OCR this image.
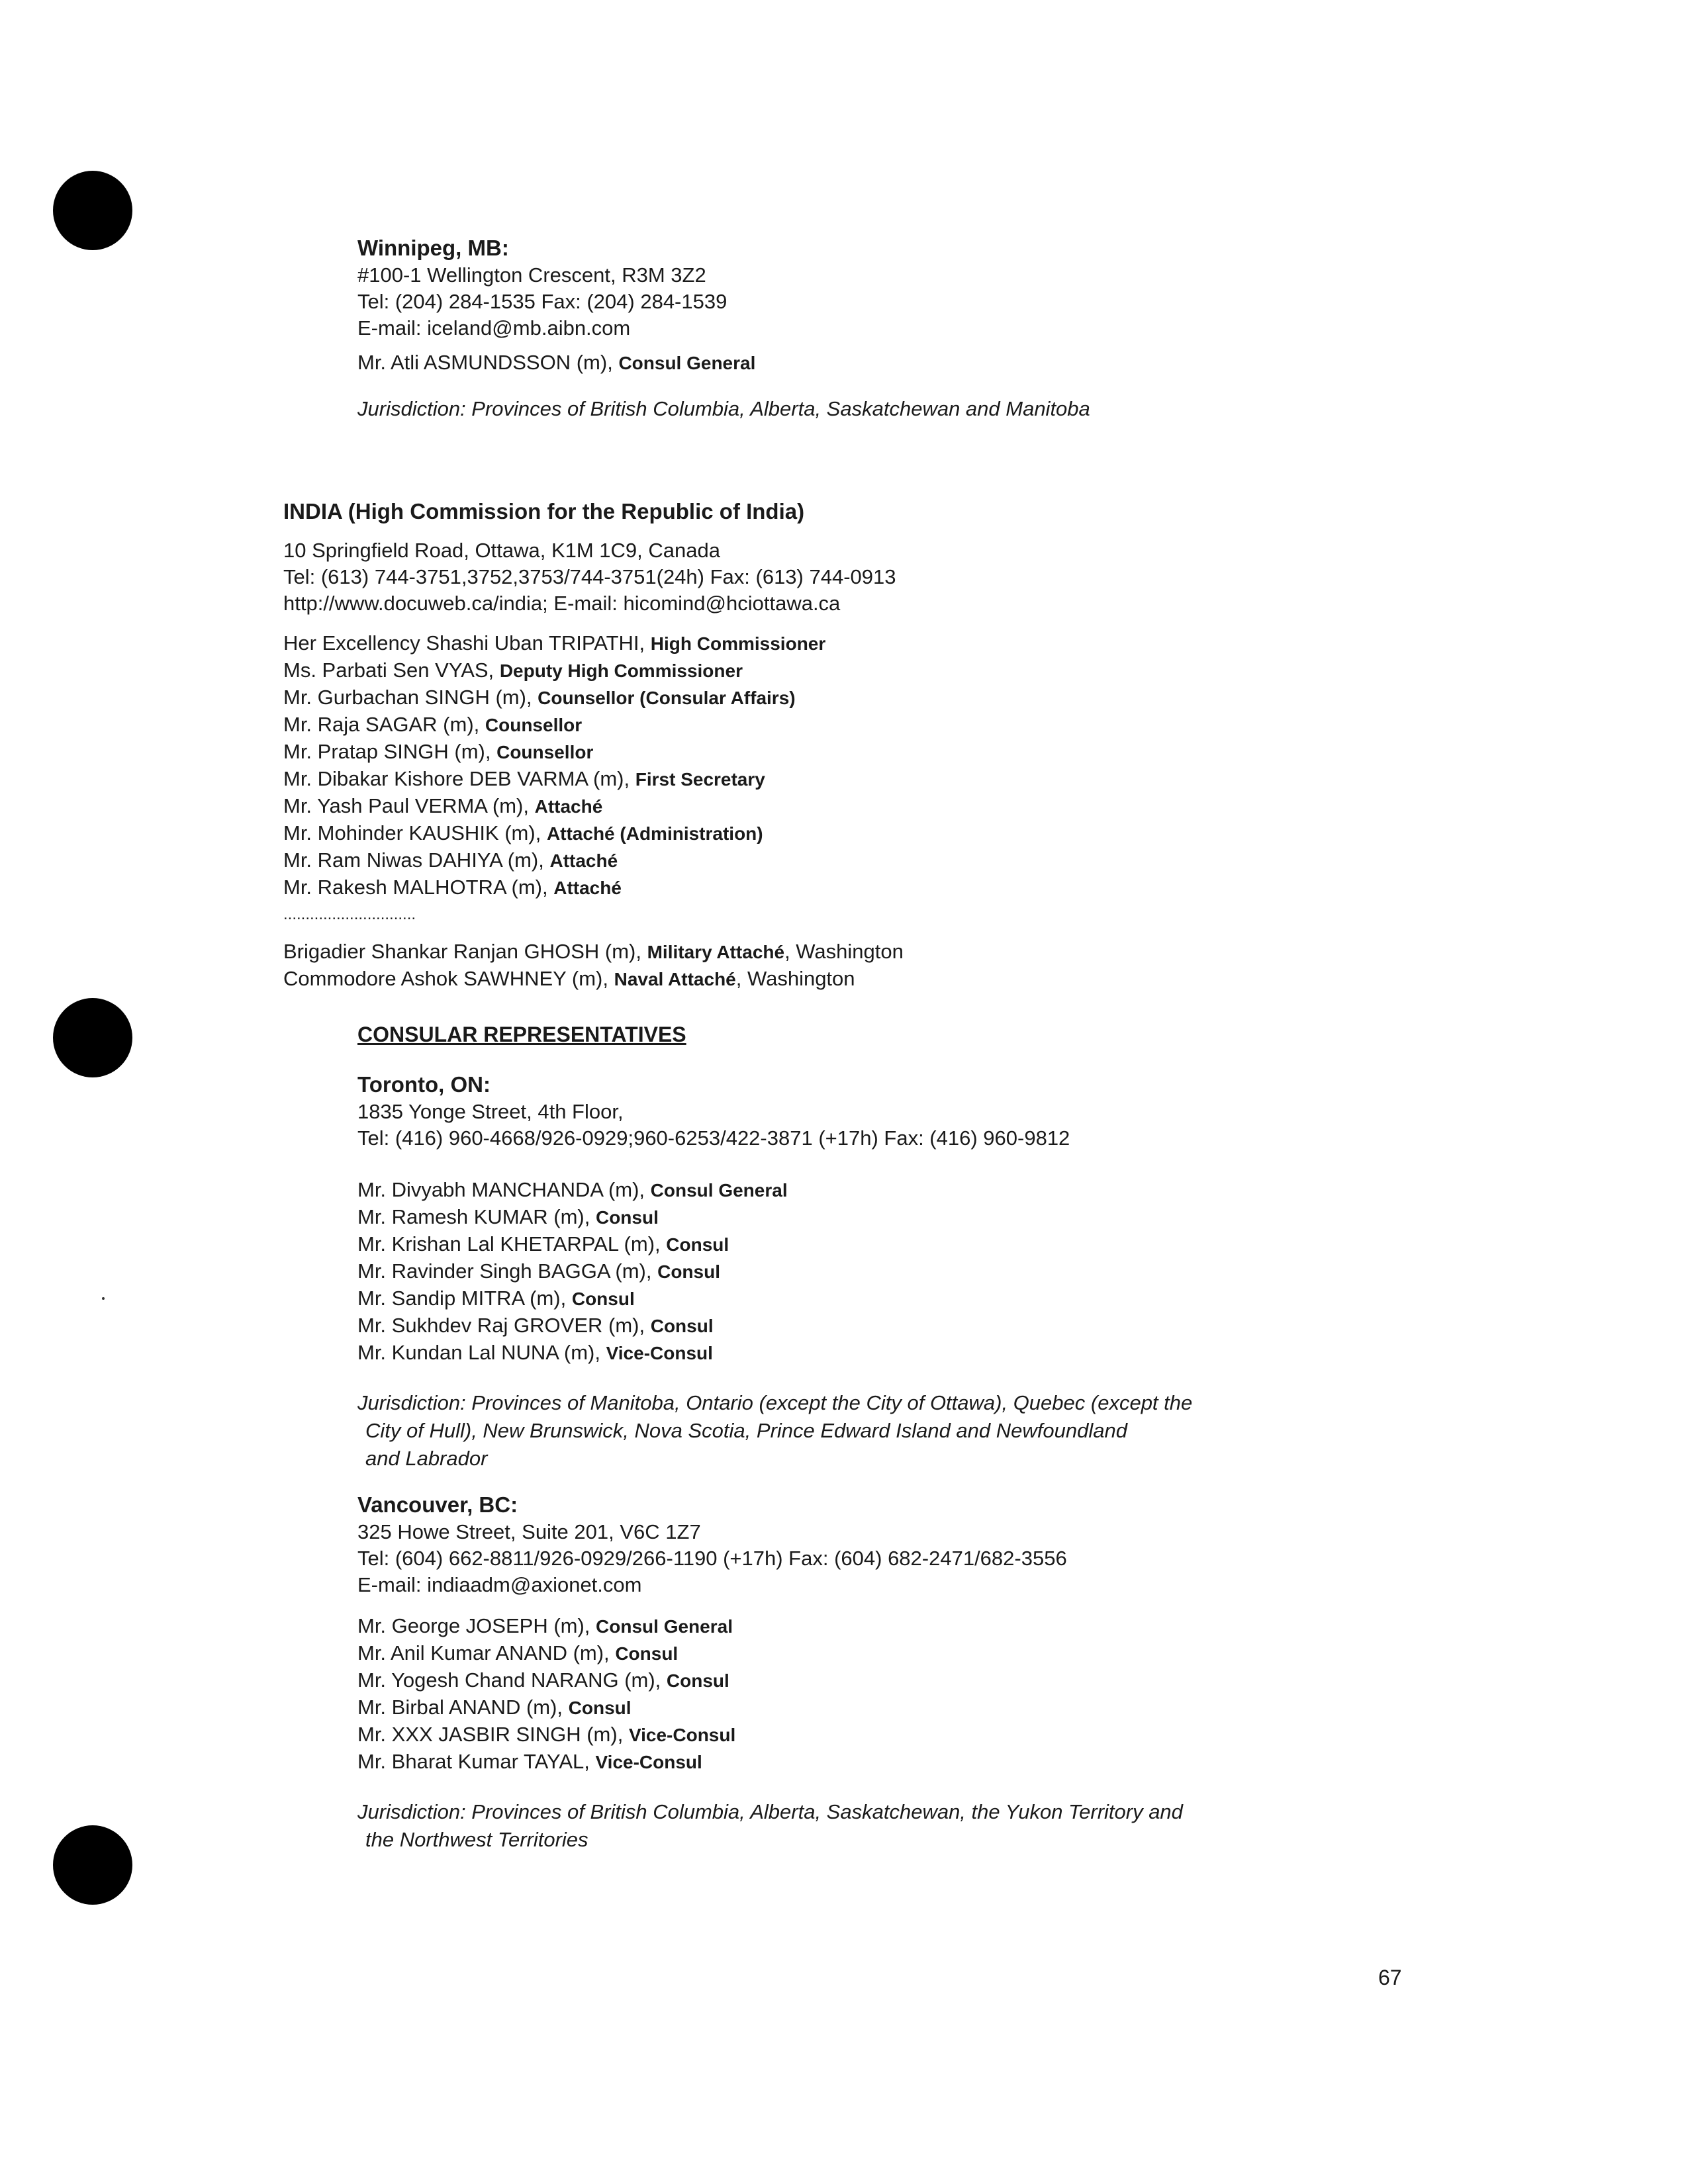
Winnipeg, MB:

#100-1 Wellington Crescent, R3M 3Z2

Tel: (204) 284-1535 Fax: (204) 284-1539

E-mail: iceland@mb.aibn.com

Mr. Atli ASMUNDSSON (m), Consul General

Jurisdiction: Provinces of British Columbia, Alberta, Saskatchewan and Manitoba

INDIA (High Commission for the Republic of India)

10 Springfield Road, Ottawa, K1M 1C9, Canada

Tel: (613) 744-3751,3752,3753/744-3751(24h) Fax: (613) 744-0913

http://www.docuweb.ca/india; E-mail: hicomind@hciottawa.ca

Her Excellency Shashi Uban TRIPATHI, High Commissioner

Ms. Parbati Sen VYAS, Deputy High Commissioner

Mr. Gurbachan SINGH (m), Counsellor (Consular Affairs)

Mr. Raja SAGAR (m), Counsellor

Mr. Pratap SINGH (m), Counsellor

Mr. Dibakar Kishore DEB VARMA (m), First Secretary

Mr. Yash Paul VERMA (m), Attaché

Mr. Mohinder KAUSHIK (m), Attaché (Administration)

Mr. Ram Niwas DAHIYA (m), Attaché

Mr. Rakesh MALHOTRA (m), Attaché

..............................

Brigadier Shankar Ranjan GHOSH (m), Military Attaché, Washington

Commodore Ashok SAWHNEY (m), Naval Attaché, Washington

CONSULAR REPRESENTATIVES

Toronto, ON:

1835 Yonge Street, 4th Floor,

Tel: (416) 960-4668/926-0929;960-6253/422-3871 (+17h) Fax: (416) 960-9812

Mr. Divyabh MANCHANDA (m), Consul General

Mr. Ramesh KUMAR (m), Consul

Mr. Krishan Lal KHETARPAL (m), Consul

Mr. Ravinder Singh BAGGA (m), Consul

Mr. Sandip MITRA (m), Consul

Mr. Sukhdev Raj GROVER (m), Consul

Mr. Kundan Lal NUNA (m), Vice-Consul

Jurisdiction: Provinces of Manitoba, Ontario (except the City of Ottawa), Quebec (except the

City of Hull), New Brunswick, Nova Scotia, Prince Edward Island and Newfoundland

and Labrador

Vancouver, BC:

325 Howe Street, Suite 201, V6C 1Z7

Tel: (604) 662-8811/926-0929/266-1190 (+17h) Fax: (604) 682-2471/682-3556

E-mail: indiaadm@axionet.com

Mr. George JOSEPH (m), Consul General

Mr. Anil Kumar ANAND (m), Consul

Mr. Yogesh Chand NARANG (m), Consul

Mr. Birbal ANAND (m), Consul

Mr. XXX JASBIR SINGH (m), Vice-Consul

Mr. Bharat Kumar TAYAL, Vice-Consul

Jurisdiction: Provinces of British Columbia, Alberta, Saskatchewan, the Yukon Territory and

the Northwest Territories

67
